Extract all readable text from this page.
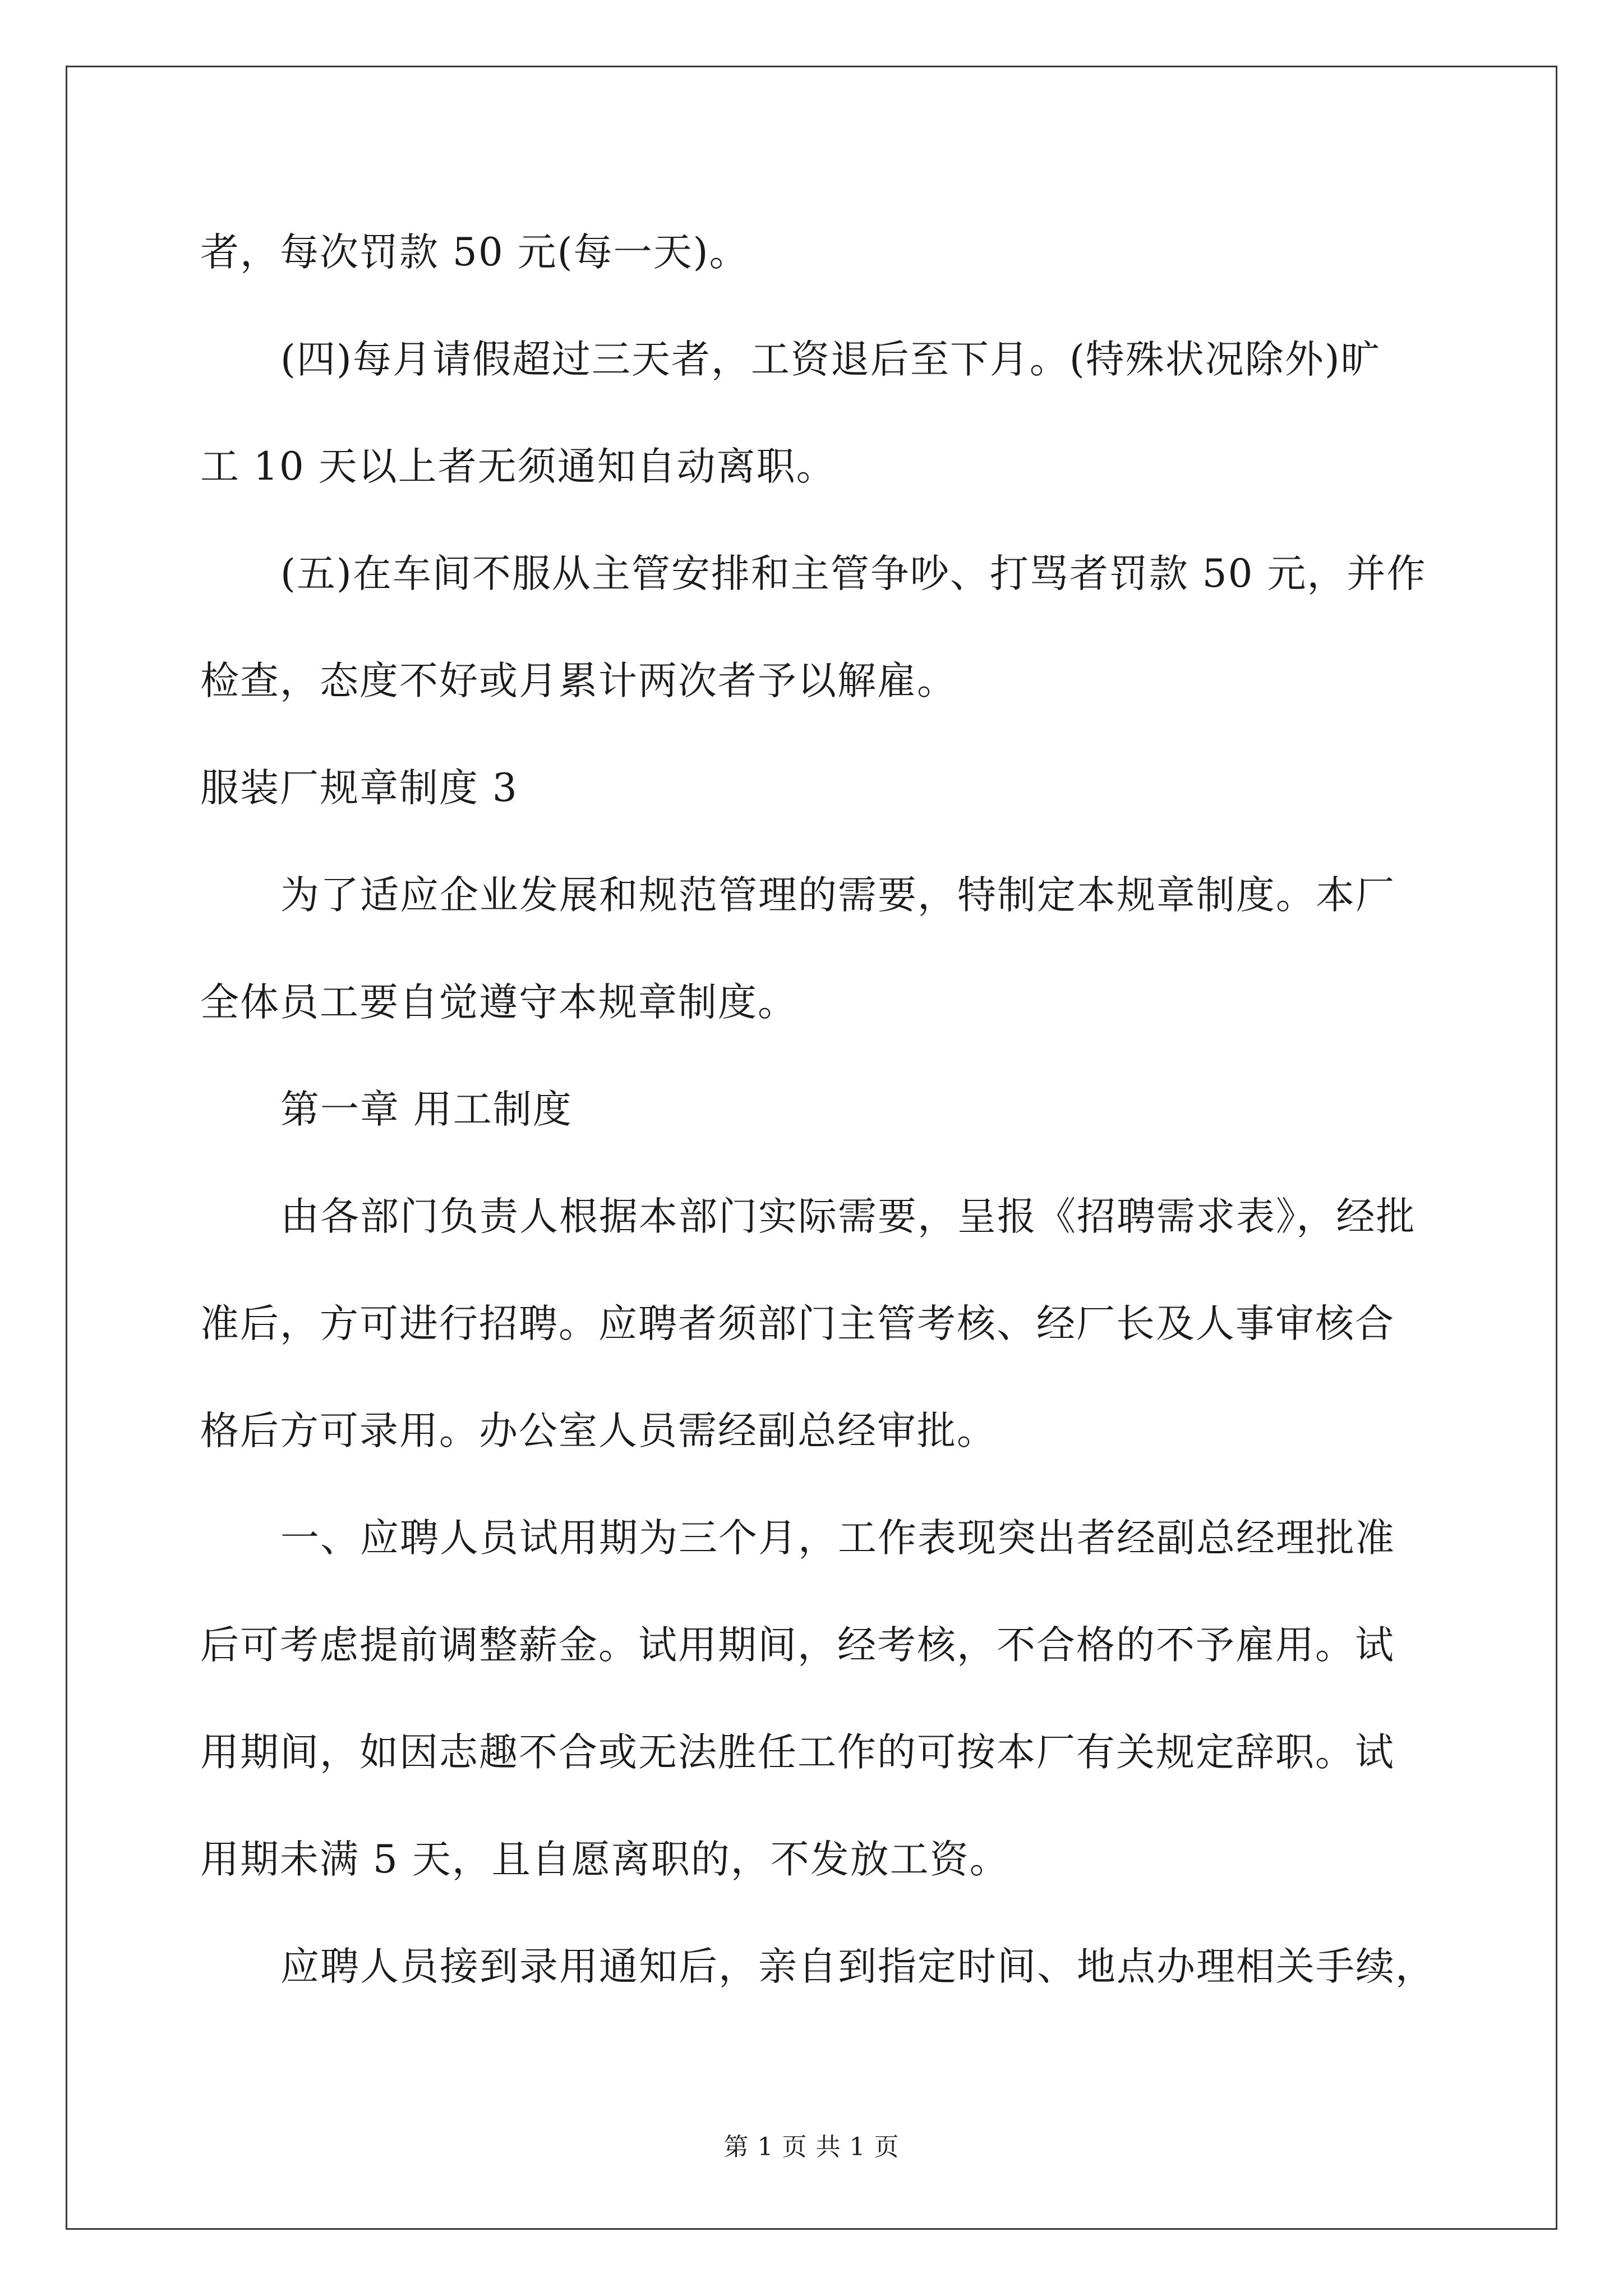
者，每次罚款 50 元(每一天)。
(四)每月请假超过三天者，工资退后至下月。(特殊状况除外)旷
工 10 天以上者无须通知自动离职。
(五)在车间不服从主管安排和主管争吵、打骂者罚款 50 元，并作
检查，态度不好或月累计两次者予以解雇。
服装厂规章制度 3
为了适应企业发展和规范管理的需要，特制定本规章制度。本厂
全体员工要自觉遵守本规章制度。
第一章 用工制度
由各部门负责人根据本部门实际需要，呈报《招聘需求表》，经批
准后，方可进行招聘。应聘者须部门主管考核、经厂长及人事审核合
格后方可录用。办公室人员需经副总经审批。
一、应聘人员试用期为三个月，工作表现突出者经副总经理批准
后可考虑提前调整薪金。试用期间，经考核，不合格的不予雇用。试
用期间，如因志趣不合或无法胜任工作的可按本厂有关规定辞职。试
用期未满 5 天，且自愿离职的，不发放工资。
应聘人员接到录用通知后，亲自到指定时间、地点办理相关手续，
第 1 页 共 1 页
